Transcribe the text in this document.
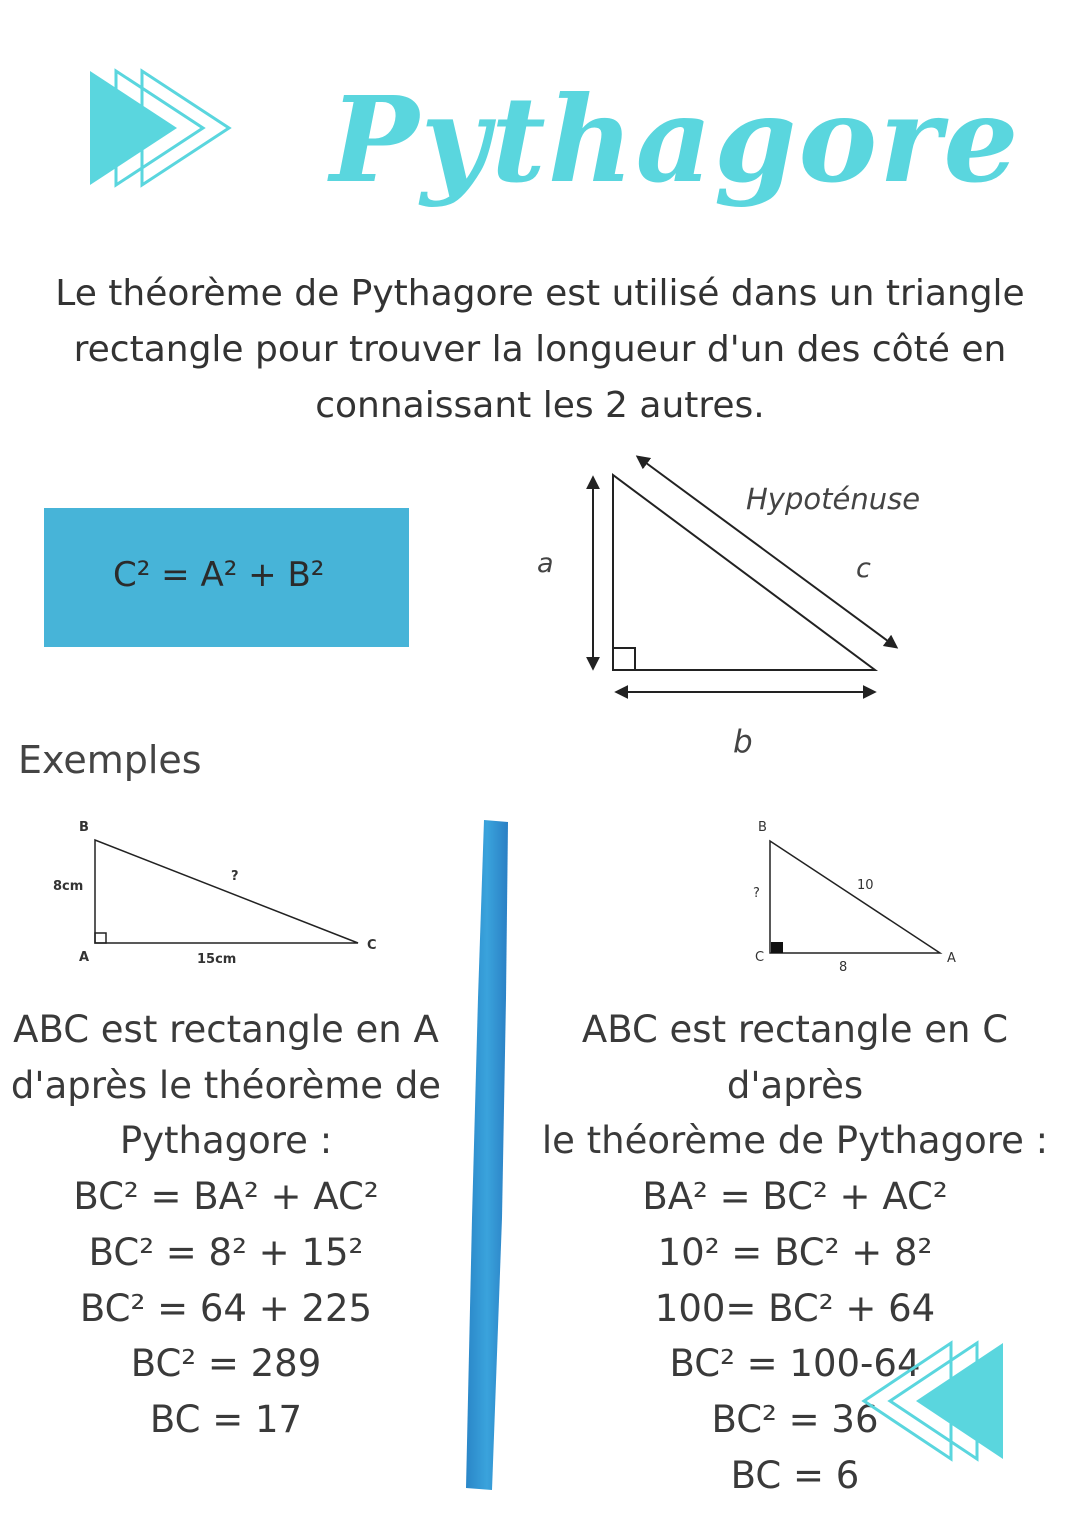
Pythagore
Le théorème de Pythagore est utilisé dans un triangle
rectangle pour trouver la longueur d'un des côté en
connaissant les 2 autres.
C² = A² + B²
Hypoténuse
a	c
b
Exemples
B
A
C
8cm
15cm
?
ABC est rectangle en A
d'après le théorème de
Pythagore :
BC² = BA² + AC²
BC² = 8² + 15²
BC² = 64 + 225
BC² = 289
BC = 17
B
C	A
10
8
?
ABC est rectangle en C d'après
le théorème de Pythagore :
BA² = BC² + AC²
10² = BC² + 8²
100= BC² + 64
BC² = 100-64
BC² = 36
BC = 6
